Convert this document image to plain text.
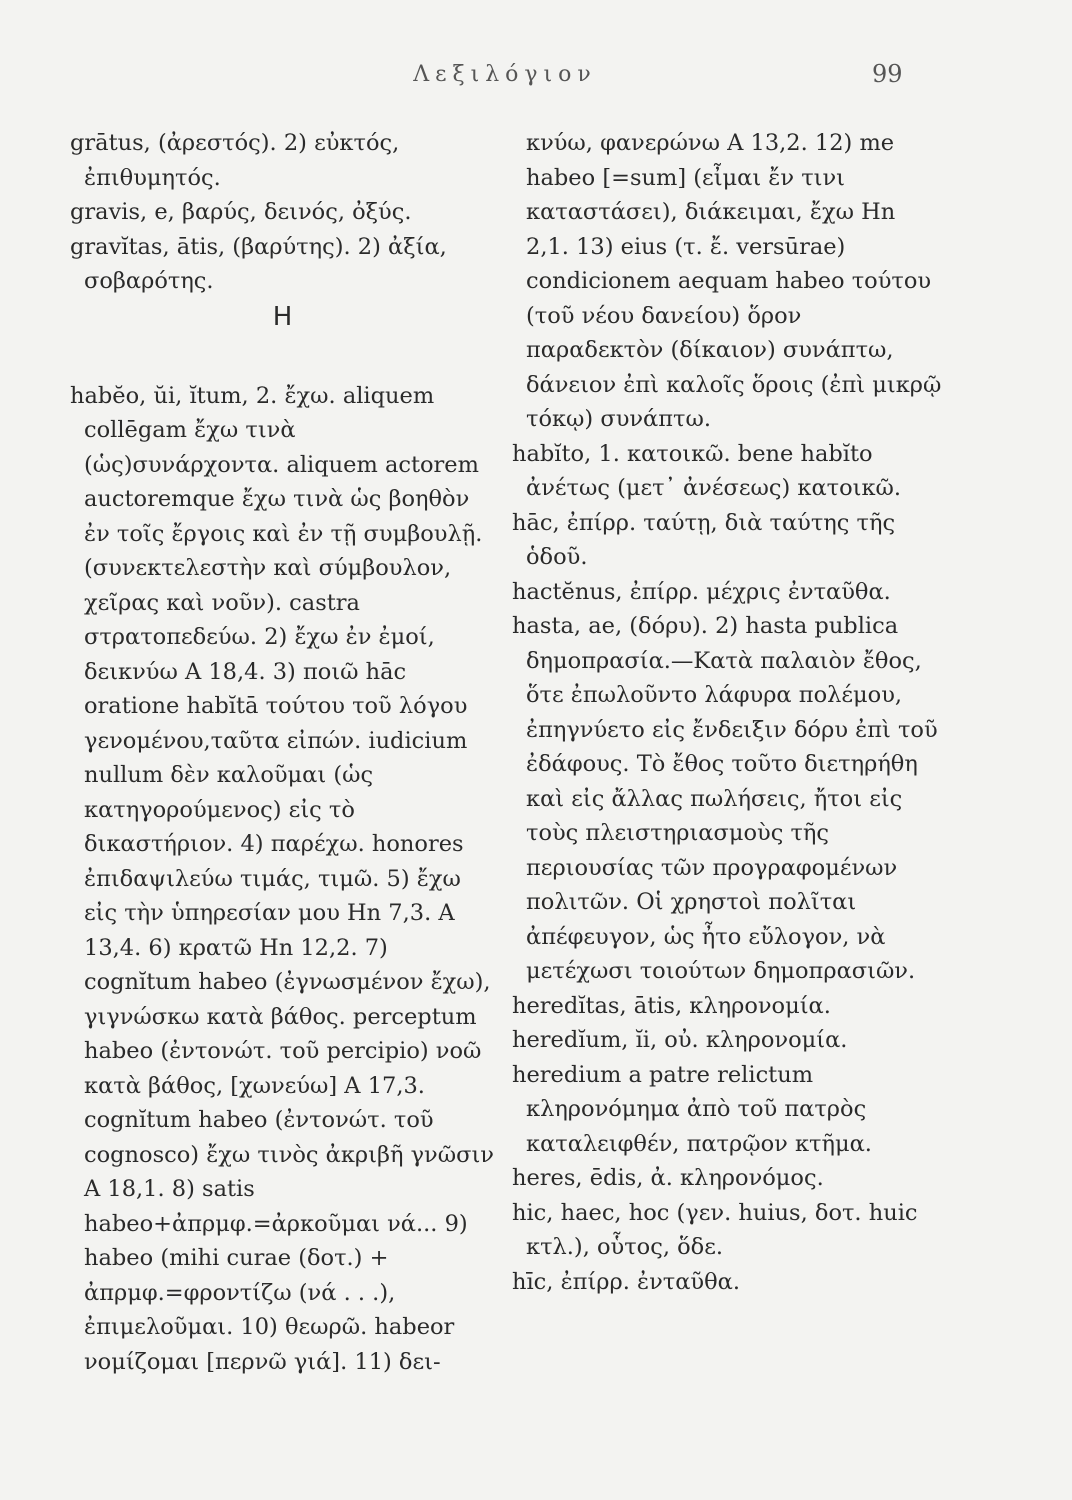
Λεξιλόγιον	99

grātus, (ἀρεστός). 2) εὐκτός, ἐπιθυμητός.

gravis, e, βαρύς, δεινός, ὀξύς.

gravĭtas, ātis, (βαρύτης). 2) ἀξία, σοβαρότης.

H

habĕo, ŭi, ĭtum, 2. ἔχω. aliquem collēgam ἔχω τινὰ (ὡς)συνάρχοντα. aliquem actorem auctoremque ἔχω τινὰ ὡς βοηθὸν ἐν τοῖς ἔργοις καὶ ἐν τῇ συμβουλῇ.(συνεκτελεστὴν καὶ σύμβουλον, χεῖρας καὶ νοῦν). castra στρατοπεδεύω. 2) ἔχω ἐν ἐμοί, δεικνύω A 18,4. 3) ποιῶ hāc oratione habĭtā τούτου τοῦ λόγου γενομένου,ταῦτα εἰπών. iudicium nullum δὲν καλοῦμαι (ὡς κατηγορούμενος) εἰς τὸ δικαστήριον. 4) παρέχω. honores ἐπιδαψιλεύω τιμάς, τιμῶ. 5) ἔχω εἰς τὴν ὑπηρεσίαν μου Hn 7,3. A 13,4. 6) κρατῶ Hn 12,2. 7) cognĭtum habeo (ἐγνωσμένον ἔχω), γιγνώσκω κατὰ βάθος. perceptum habeo (ἐντονώτ. τοῦ percipio) νοῶ κατὰ βάθος, [χωνεύω] A 17,3. cognĭtum habeo (ἐντονώτ. τοῦ cognosco) ἔχω τινὸς ἀκριβῆ γνῶσιν A 18,1. 8) satis habeo+ἀπρμφ.=ἀρκοῦμαι νά... 9) habeo (mihi curae (δοτ.) + ἀπρμφ.=φροντίζω (νά . . .), ἐπιμελοῦμαι. 10) θεωρῶ. habeor νομίζομαι [περνῶ γιά]. 11) δει-

κνύω, φανερώνω A 13,2. 12) me habeo [=sum] (εἶμαι ἔν τινι καταστάσει), διάκειμαι, ἔχω Hn 2,1. 13) eius (τ. ἔ. versūrae) condicionem aequam habeo τούτου (τοῦ νέου δανείου) ὅρον παραδεκτὸν (δίκαιον) συνάπτω, δάνειον ἐπὶ καλοῖς ὅροις (ἐπὶ μικρῷ τόκῳ) συνάπτω.

habĭto, 1. κατοικῶ. bene habĭto ἀνέτως (μετ᾽ ἀνέσεως) κατοικῶ.

hāc, ἐπίρρ. ταύτῃ, διὰ ταύτης τῆς ὁδοῦ.

hactĕnus, ἐπίρρ. μέχρις ἐνταῦθα.

hasta, ae, (δόρυ). 2) hasta publica δημοπρασία.—Κατὰ παλαιὸν ἔθος, ὅτε ἐπωλοῦντο λάφυρα πολέμου, ἐπηγνύετο εἰς ἔνδειξιν δόρυ ἐπὶ τοῦ ἐδάφους. Τὸ ἔθος τοῦτο διετηρήθη καὶ εἰς ἄλλας πωλήσεις, ἤτοι εἰς τοὺς πλειστηριασμοὺς τῆς περιουσίας τῶν προγραφομένων πολιτῶν. Οἱ χρηστοὶ πολῖται ἀπέφευγον, ὡς ἦτο εὔλογον, νὰ μετέχωσι τοιούτων δημοπρασιῶν.

heredĭtas, ātis, κληρονομία.

heredĭum, ĭi, οὐ. κληρονομία.

heredium a patre relictum κληρονόμημα ἀπὸ τοῦ πατρὸς καταλειφθέν, πατρῷον κτῆμα.

heres, ēdis, ἀ. κληρονόμος.

hic, haec, hoc (γεν. huius, δοτ. huic κτλ.), οὗτος, ὅδε.

hīc, ἐπίρρ. ἐνταῦθα.
